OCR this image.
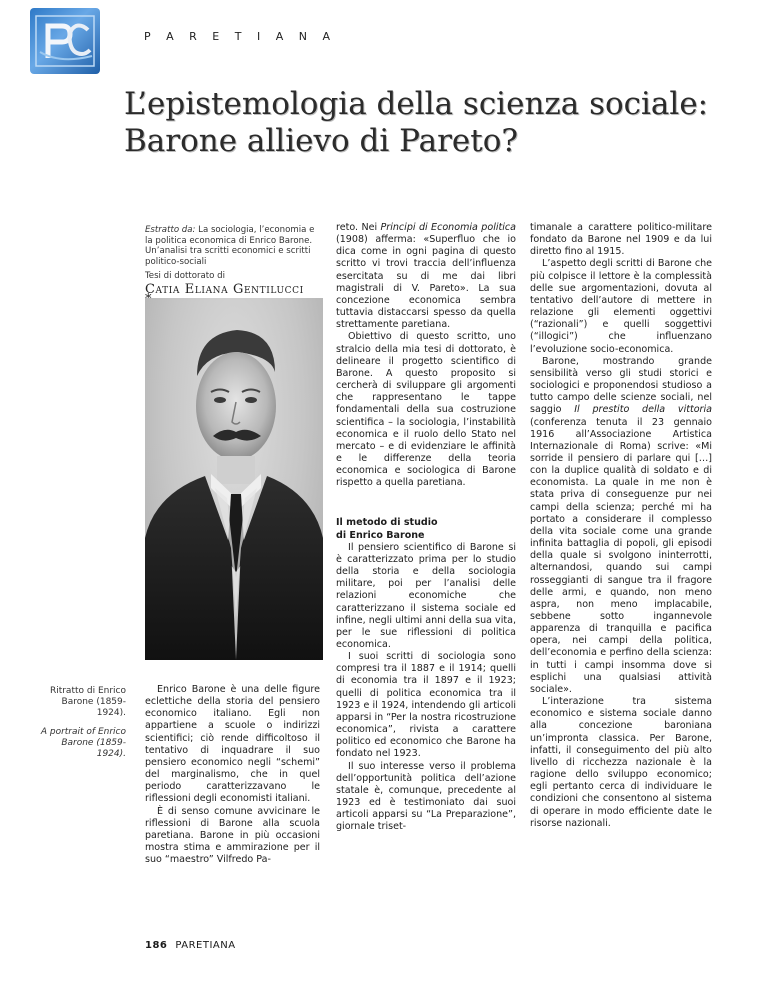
P A R E T I A N A
L’epistemologia della scienza sociale:
Barone allievo di Pareto?
Estratto da: La sociologia, l’economia e la politica economica di Enrico Barone. Un’analisi tra scritti economici e scritti politico-sociali
Tesi di dottorato di
Catia Eliana Gentilucci
Ritratto di Enrico Barone (1859-1924).
A portrait of Enrico Barone (1859-1924).

Enrico Barone è una delle figure eclettiche della storia del pensiero economico italiano. Egli non appartiene a scuole o indirizzi scientifici; ciò rende difficoltoso il tentativo di inquadrare il suo pensiero economico negli “schemi” del marginalismo, che in quel periodo caratterizzavano le riflessioni degli economisti italiani.

È di senso comune avvicinare le riflessioni di Barone alla scuola paretiana. Barone in più occasioni mostra stima e ammirazione per il suo “maestro” Vilfredo Pa-

reto. Nei Principi di Economia politica (1908) afferma: «Superfluo che io dica come in ogni pagina di questo scritto vi trovi traccia dell’influenza esercitata su di me dai libri magistrali di V. Pareto». La sua concezione economica sembra tuttavia distaccarsi spesso da quella strettamente paretiana.

Obiettivo di questo scritto, uno stralcio della mia tesi di dottorato, è delineare il progetto scientifico di Barone. A questo proposito si cercherà di sviluppare gli argomenti che rappresentano le tappe fondamentali della sua costruzione scientifica – la sociologia, l’instabilità economica e il ruolo dello Stato nel mercato – e di evidenziare le affinità e le differenze della teoria economica e sociologica di Barone rispetto a quella paretiana.

Il metodo di studio
di Enrico Barone

Il pensiero scientifico di Barone si è caratterizzato prima per lo studio della storia e della sociologia militare, poi per l’analisi delle relazioni economiche che caratterizzano il sistema sociale ed infine, negli ultimi anni della sua vita, per le sue riflessioni di politica economica.

I suoi scritti di sociologia sono compresi tra il 1887 e il 1914; quelli di economia tra il 1897 e il 1923; quelli di politica economica tra il 1923 e il 1924, intendendo gli articoli apparsi in “Per la nostra ricostruzione economica”, rivista a carattere politico ed economico che Barone ha fondato nel 1923.

Il suo interesse verso il problema dell’opportunità politica dell’azione statale è, comunque, precedente al 1923 ed è testimoniato dai suoi articoli apparsi su “La Preparazione”, giornale triset-

timanale a carattere politico-militare fondato da Barone nel 1909 e da lui diretto fino al 1915.

L’aspetto degli scritti di Barone che più colpisce il lettore è la complessità delle sue argomentazioni, dovuta al tentativo dell’autore di mettere in relazione gli elementi oggettivi (“razionali”) e quelli soggettivi (“illogici”) che influenzano l’evoluzione socio-economica.

Barone, mostrando grande sensibilità verso gli studi storici e sociologici e proponendosi studioso a tutto campo delle scienze sociali, nel saggio Il prestito della vittoria (conferenza tenuta il 23 gennaio 1916 all’Associazione Artistica Internazionale di Roma) scrive: «Mi sorride il pensiero di parlare qui […] con la duplice qualità di soldato e di economista. La quale in me non è stata priva di conseguenze pur nei campi della scienza; perché mi ha portato a considerare il complesso della vita sociale come una grande infinita battaglia di popoli, gli episodi della quale si svolgono ininterrotti, alternandosi, quando sui campi rosseggianti di sangue tra il fragore delle armi, e quando, non meno aspra, non meno implacabile, sebbene sotto ingannevole apparenza di tranquilla e pacifica opera, nei campi della politica, dell’economia e perfino della scienza: in tutti i campi insomma dove si esplichi una qualsiasi attività sociale».

L’interazione tra sistema economico e sistema sociale danno alla concezione baroniana un’impronta classica. Per Barone, infatti, il conseguimento del più alto livello di ricchezza nazionale è la ragione dello sviluppo economico; egli pertanto cerca di individuare le condizioni che consentono al sistema di operare in modo efficiente date le risorse nazionali.

186 PARETIANA
